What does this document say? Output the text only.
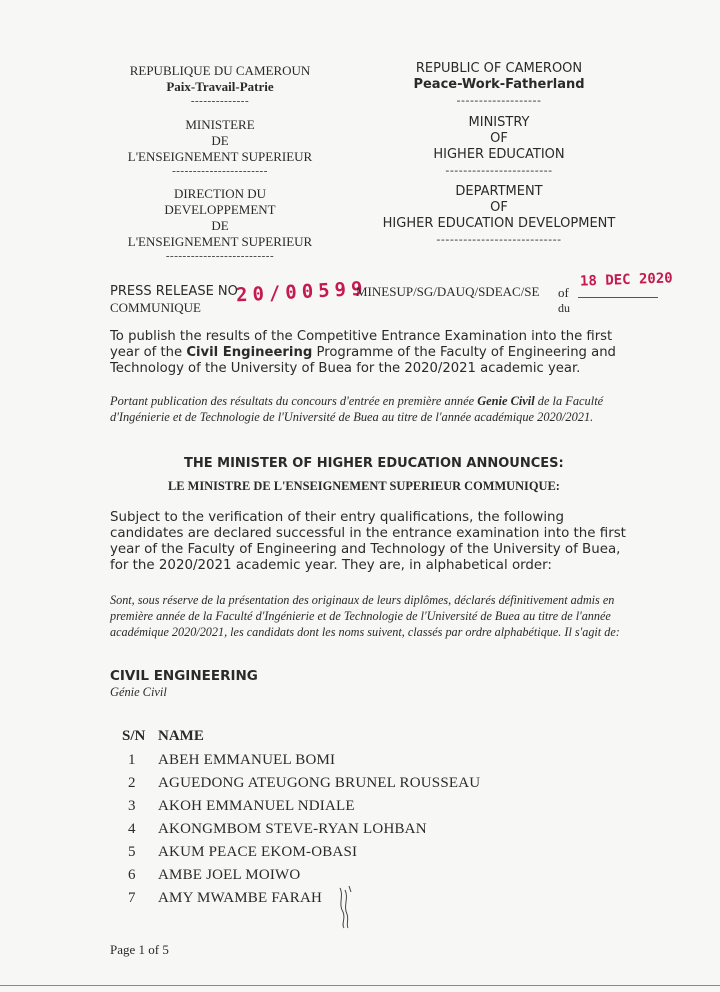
REPUBLIQUE DU CAMEROUN
Paix-Travail-Patrie
--------------
MINISTERE
DE
L'ENSEIGNEMENT SUPERIEUR
-----------------------
DIRECTION DU
DEVELOPPEMENT
DE
L'ENSEIGNEMENT SUPERIEUR
--------------------------
REPUBLIC OF CAMEROON
Peace-Work-Fatherland
-------------------
MINISTRY
OF
HIGHER EDUCATION
------------------------
DEPARTMENT
OF
HIGHER EDUCATION DEVELOPMENT
----------------------------
PRESS RELEASE NO
COMMUNIQUE
20/00599
MINESUP/SG/DAUQ/SDEAC/SE of
du
18 DEC 2020
To publish the results of the Competitive Entrance Examination into the first year of the Civil Engineering Programme of the Faculty of Engineering and Technology of the University of Buea for the 2020/2021 academic year.
Portant publication des résultats du concours d'entrée en première année Genie Civil de la Faculté d'Ingénierie et de Technologie de l'Université de Buea au titre de l'année académique 2020/2021.
THE MINISTER OF HIGHER EDUCATION ANNOUNCES:
LE MINISTRE DE L'ENSEIGNEMENT SUPERIEUR COMMUNIQUE:
Subject to the verification of their entry qualifications, the following candidates are declared successful in the entrance examination into the first year of the Faculty of Engineering and Technology of the University of Buea, for the 2020/2021 academic year. They are, in alphabetical order:
Sont, sous réserve de la présentation des originaux de leurs diplômes, déclarés définitivement admis en première année de la Faculté d'Ingénierie et de Technologie de l'Université de Buea au titre de l'année académique 2020/2021, les candidats dont les noms suivent, classés par ordre alphabétique. Il s'agit de:
CIVIL ENGINEERING
Génie Civil
S/N NAME
1 ABEH EMMANUEL BOMI
2 AGUEDONG ATEUGONG BRUNEL ROUSSEAU
3 AKOH EMMANUEL NDIALE
4 AKONGMBOM STEVE-RYAN LOHBAN
5 AKUM PEACE EKOM-OBASI
6 AMBE JOEL MOIWO
7 AMY MWAMBE FARAH
Page 1 of 5
